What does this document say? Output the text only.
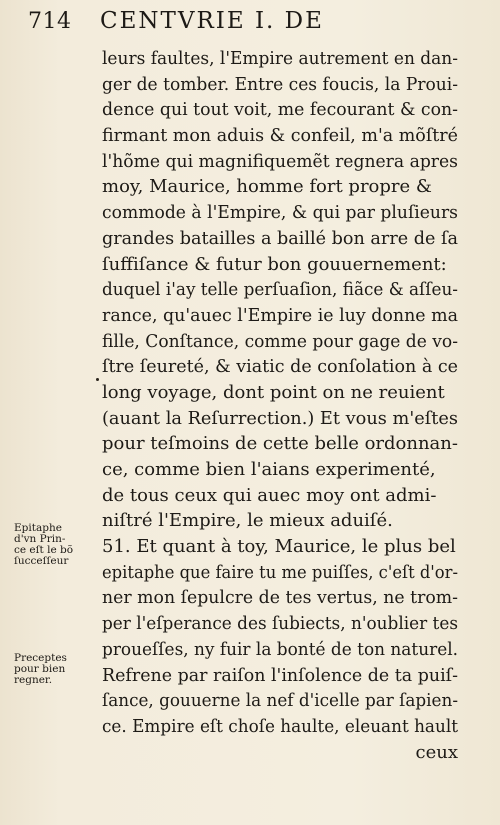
714	CENTVRIE I. DE
leurs faultes, l'Empire autrement en dan-
ger de tomber. Entre ces foucis, la Proui-
dence qui tout voit, me fecourant & con-
firmant mon aduis & confeil, m'a mõſtré
l'hõme qui magnifiquemẽt regnera apres
moy, Maurice, homme fort propre &
commode à l'Empire, & qui par pluſieurs
grandes batailles a baillé bon arre de ſa
ſuffiſance & futur bon gouuernement:
duquel i'ay telle perſuaſion, fiãce & aſſeu-
rance, qu'auec l'Empire ie luy donne ma
fille, Conſtance, comme pour gage de vo-
ſtre ſeureté, & viatic de conſolation à ce
long voyage, dont point on ne reuient
(auant la Reſurrection.) Et vous m'eſtes
pour teſmoins de cette belle ordonnan-
ce, comme bien l'aians experimenté,
de tous ceux qui auec moy ont admi-
niſtré l'Empire, le mieux aduiſé.
51. Et quant à toy, Maurice, le plus bel
epitaphe que faire tu me puiſſes, c'eſt d'or-
ner mon ſepulcre de tes vertus, ne trom-
per l'eſperance des ſubiects, n'oublier tes
proueſſes, ny fuir la bonté de ton naturel.
Refrene par raiſon l'inſolence de ta puiſ-
ſance, gouuerne la nef d'icelle par ſapien-
ce. Empire eſt choſe haulte, eleuant hault
ceux
Epitaphe
d'vn Prin-
ce eſt le bõ
ſucceſſeur
Preceptes
pour bien
regner.
